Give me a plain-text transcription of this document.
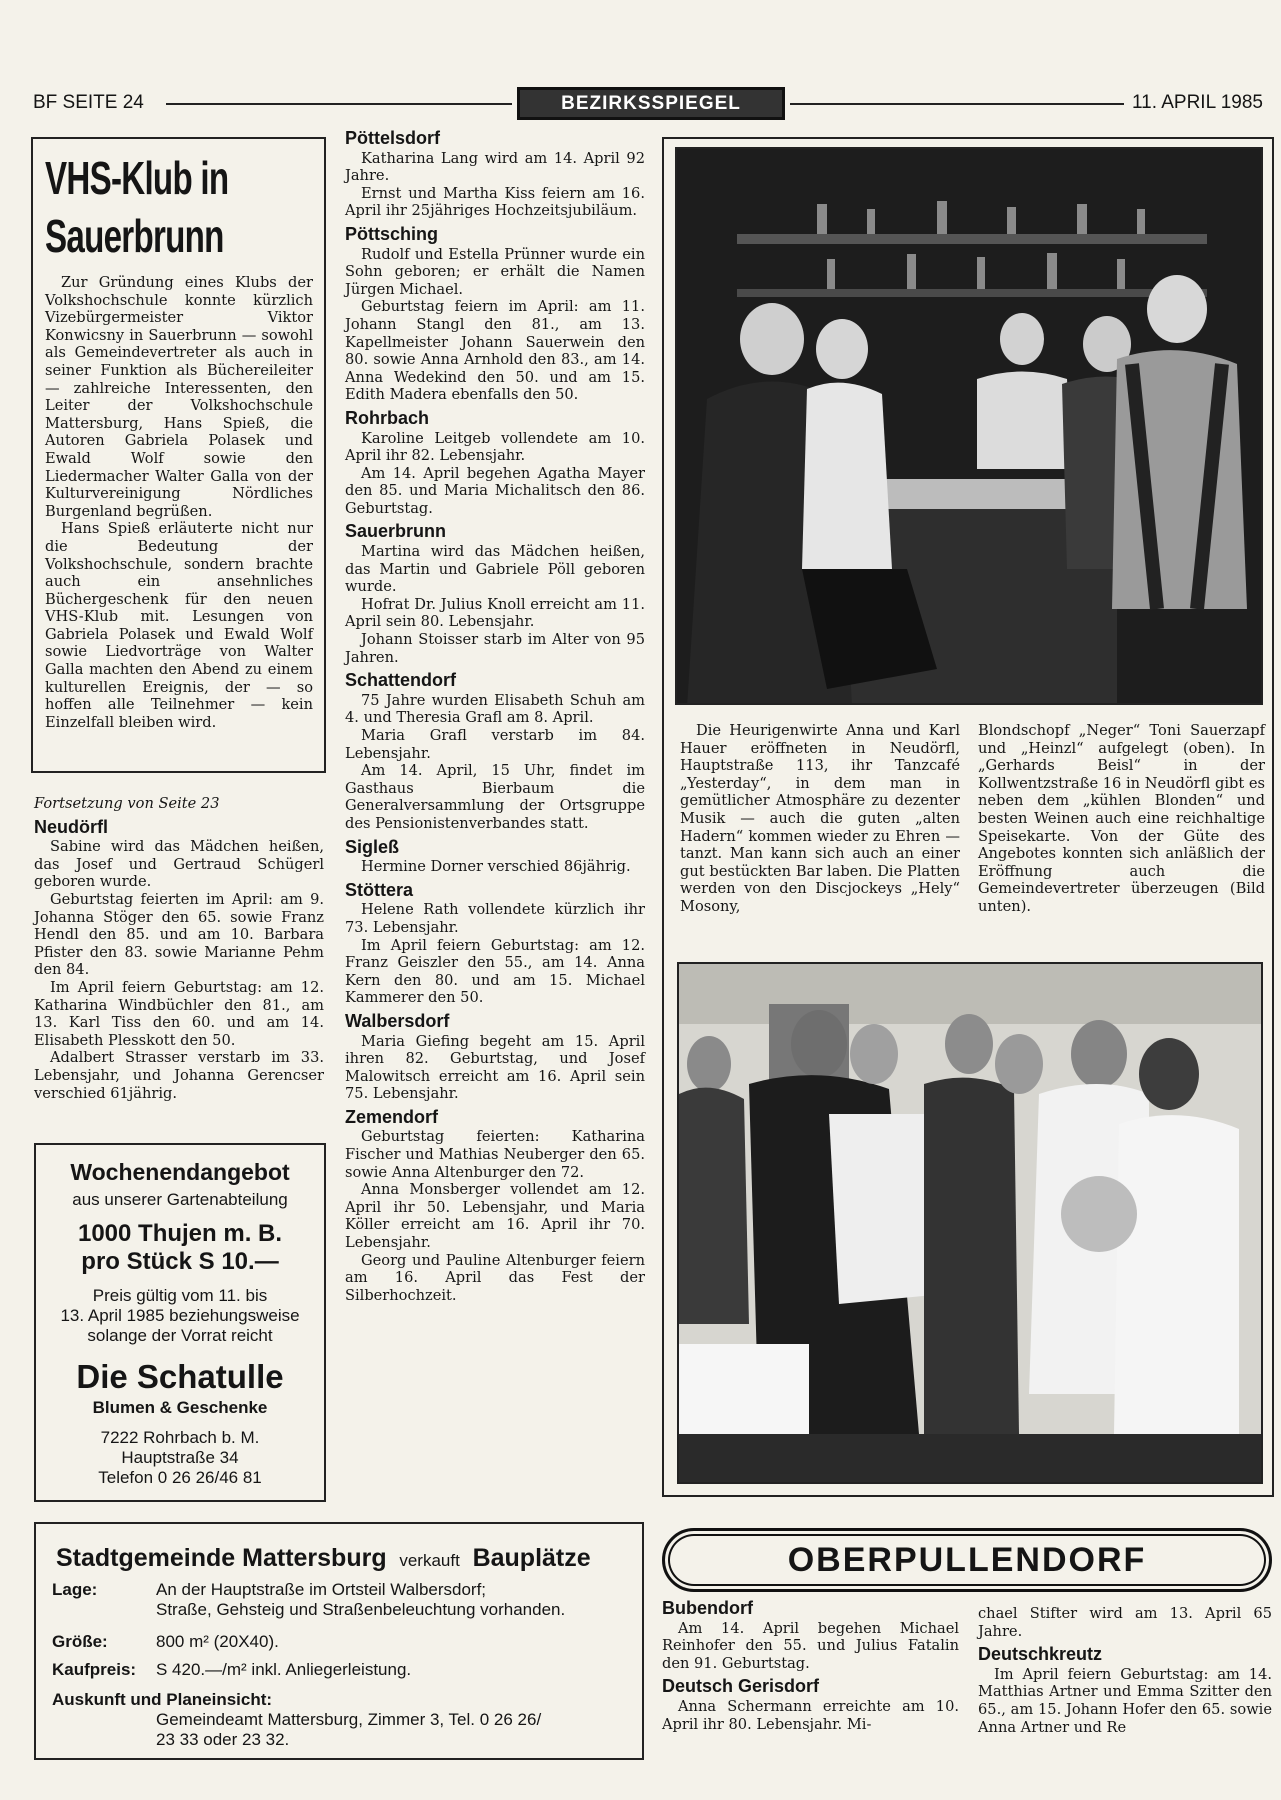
BF SEITE 24	BEZIRKSSPIEGEL	11. APRIL 1985
VHS-Klub in
Sauerbrunn

Zur Gründung eines Klubs der Volkshochschule konnte kürzlich Vizebürgermeister Viktor Konwicsny in Sauerbrunn — sowohl als Gemeindevertreter als auch in seiner Funktion als Büchereileiter — zahlreiche Interessenten, den Leiter der Volkshochschule Mattersburg, Hans Spieß, die Autoren Gabriela Polasek und Ewald Wolf sowie den Liedermacher Walter Galla von der Kulturvereinigung Nördliches Burgenland begrüßen.

Hans Spieß erläuterte nicht nur die Bedeutung der Volkshochschule, sondern brachte auch ein ansehnliches Büchergeschenk für den neuen VHS-Klub mit. Lesungen von Gabriela Polasek und Ewald Wolf sowie Liedvorträge von Walter Galla machten den Abend zu einem kulturellen Ereignis, der — so hoffen alle Teilnehmer — kein Einzelfall bleiben wird.

Fortsetzung von Seite 23

Neudörfl

Sabine wird das Mädchen heißen, das Josef und Gertraud Schügerl geboren wurde.

Geburtstag feierten im April: am 9. Johanna Stöger den 65. sowie Franz Hendl den 85. und am 10. Barbara Pfister den 83. sowie Marianne Pehm den 84.

Im April feiern Geburtstag: am 12. Katharina Windbüchler den 81., am 13. Karl Tiss den 60. und am 14. Elisabeth Plesskott den 50.

Adalbert Strasser verstarb im 33. Lebensjahr, und Johanna Gerencser verschied 61jährig.

Wochenendangebot
aus unserer Gartenabteilung
1000 Thujen m. B.
pro Stück S 10.—
Preis gültig vom 11. bis
13. April 1985 beziehungsweise
solange der Vorrat reicht
Die Schatulle
Blumen & Geschenke
7222 Rohrbach b. M.
Hauptstraße 34
Telefon 0 26 26/46 81
Pöttelsdorf

Katharina Lang wird am 14. April 92 Jahre.

Ernst und Martha Kiss feiern am 16. April ihr 25jähriges Hochzeitsjubiläum.

Pöttsching

Rudolf und Estella Prünner wurde ein Sohn geboren; er erhält die Namen Jürgen Michael.

Geburtstag feiern im April: am 11. Johann Stangl den 81., am 13. Kapellmeister Johann Sauerwein den 80. sowie Anna Arnhold den 83., am 14. Anna Wedekind den 50. und am 15. Edith Madera ebenfalls den 50.

Rohrbach

Karoline Leitgeb vollendete am 10. April ihr 82. Lebensjahr.

Am 14. April begehen Agatha Mayer den 85. und Maria Michalitsch den 86. Geburtstag.

Sauerbrunn

Martina wird das Mädchen heißen, das Martin und Gabriele Pöll geboren wurde.

Hofrat Dr. Julius Knoll erreicht am 11. April sein 80. Lebensjahr.

Johann Stoisser starb im Alter von 95 Jahren.

Schattendorf

75 Jahre wurden Elisabeth Schuh am 4. und Theresia Grafl am 8. April.

Maria Grafl verstarb im 84. Lebensjahr.

Am 14. April, 15 Uhr, findet im Gasthaus Bierbaum die Generalversammlung der Ortsgruppe des Pensionistenverbandes statt.

Sigleß

Hermine Dorner verschied 86jährig.

Stöttera

Helene Rath vollendete kürzlich ihr 73. Lebensjahr.

Im April feiern Geburtstag: am 12. Franz Geiszler den 55., am 14. Anna Kern den 80. und am 15. Michael Kammerer den 50.

Walbersdorf

Maria Giefing begeht am 15. April ihren 82. Geburtstag, und Josef Malowitsch erreicht am 16. April sein 75. Lebensjahr.

Zemendorf

Geburtstag feierten: Katharina Fischer und Mathias Neuberger den 65. sowie Anna Altenburger den 72.

Anna Monsberger vollendet am 12. April ihr 50. Lebensjahr, und Maria Köller erreicht am 16. April ihr 70. Lebensjahr.

Georg und Pauline Altenburger feiern am 16. April das Fest der Silberhochzeit.

Die Heurigenwirte Anna und Karl Hauer eröffneten in Neudörfl, Hauptstraße 113, ihr Tanzcafé „Yesterday“, in dem man in gemütlicher Atmosphäre zu dezenter Musik — auch die guten „alten Hadern“ kommen wieder zu Ehren — tanzt. Man kann sich auch an einer gut bestückten Bar laben. Die Platten werden von den Discjockeys „Hely“ Mosony,

Blondschopf „Neger“ Toni Sauerzapf und „Heinzl“ aufgelegt (oben). In „Gerhards Beisl“ in der Kollwentzstraße 16 in Neudörfl gibt es neben dem „kühlen Blonden“ und besten Weinen auch eine reichhaltige Speisekarte. Von der Güte des Angebotes konnten sich anläßlich der Eröffnung auch die Gemeindevertreter überzeugen (Bild unten).

Stadtgemeinde Mattersburg verkauft Bauplätze
Lage:	An der Hauptstraße im Ortsteil Walbersdorf;
Straße, Gehsteig und Straßenbeleuchtung vorhanden.
Größe:	800 m² (20X40).
Kaufpreis: S 420.—/m² inkl. Anliegerleistung.
Auskunft und Planeinsicht:
Gemeindeamt Mattersburg, Zimmer 3, Tel. 0 26 26/
23 33 oder 23 32.
OBERPULLENDORF
Bubendorf

Am 14. April begehen Michael Reinhofer den 55. und Julius Fatalin den 91. Geburtstag.

Deutsch Gerisdorf

Anna Schermann erreichte am 10. April ihr 80. Lebensjahr. Mi-

chael Stifter wird am 13. April 65 Jahre.

Deutschkreutz

Im April feiern Geburtstag: am 14. Matthias Artner und Emma Szitter den 65., am 15. Johann Hofer den 65. sowie Anna Artner und Re
